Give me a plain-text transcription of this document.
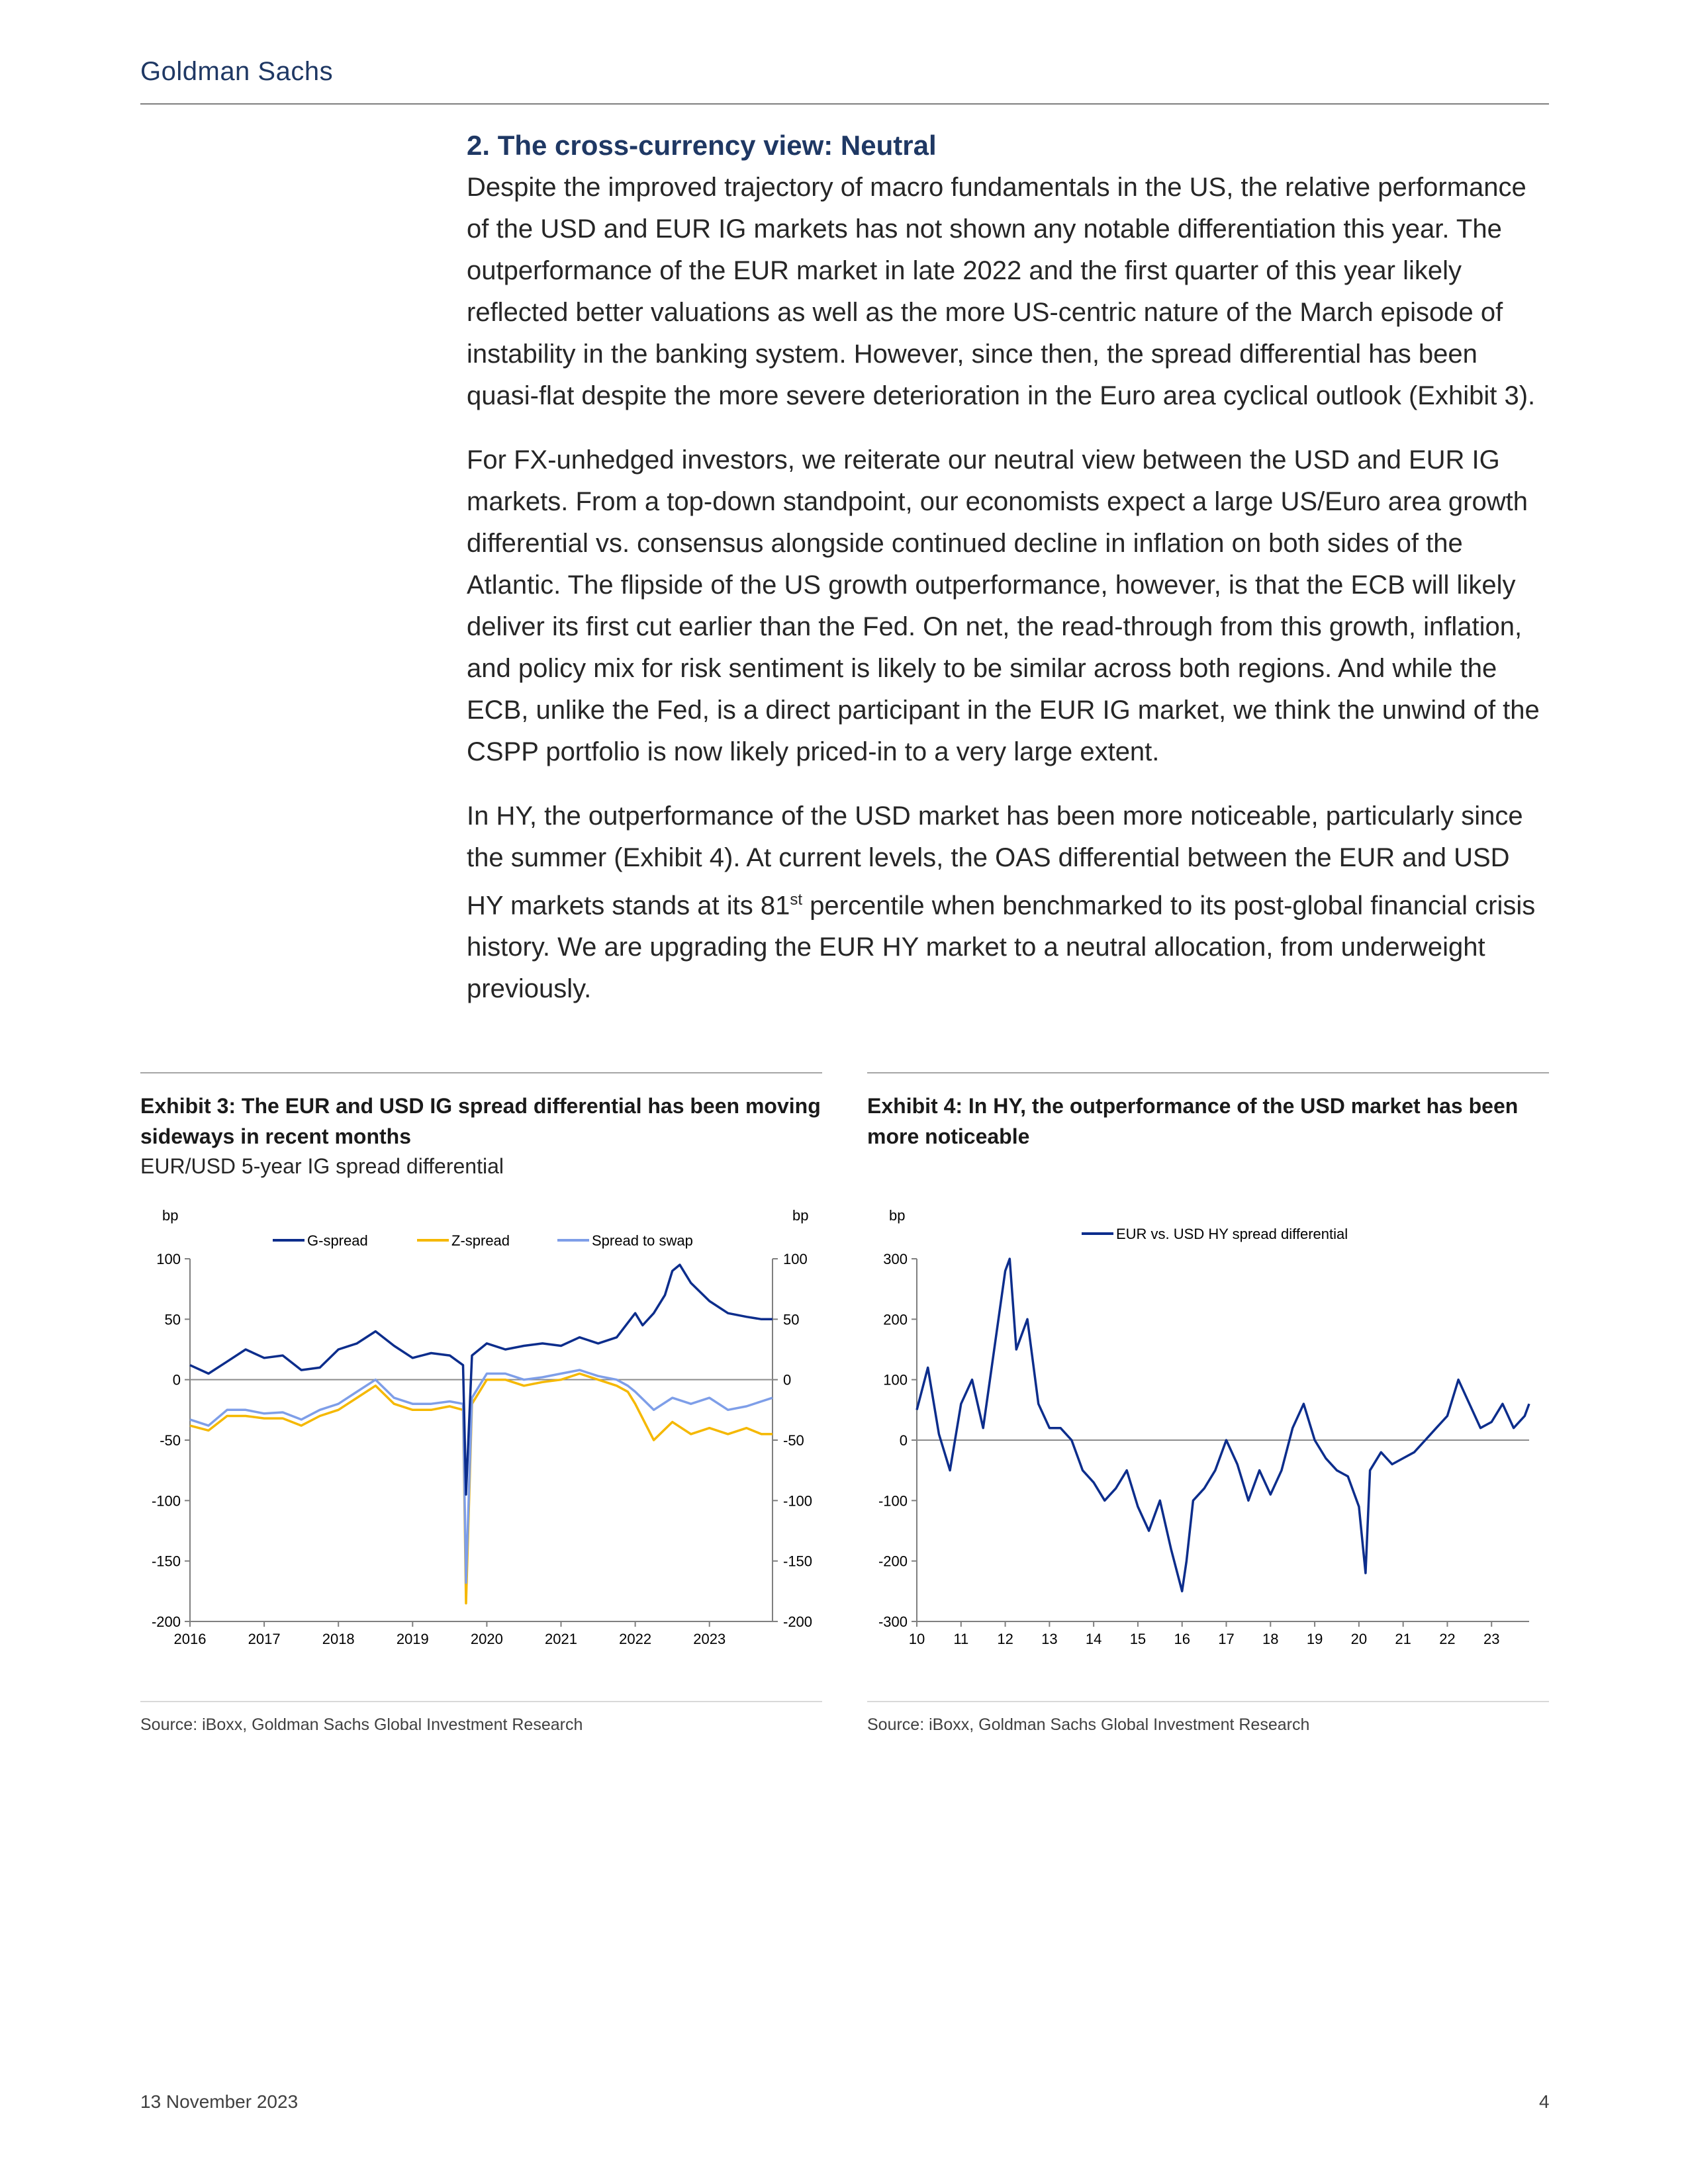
Goldman Sachs
2. The cross-currency view: Neutral

Despite the improved trajectory of macro fundamentals in the US, the relative performance of the USD and EUR IG markets has not shown any notable differentiation this year. The outperformance of the EUR market in late 2022 and the first quarter of this year likely reflected better valuations as well as the more US-centric nature of the March episode of instability in the banking system. However, since then, the spread differential has been quasi-flat despite the more severe deterioration in the Euro area cyclical outlook (Exhibit 3).

For FX-unhedged investors, we reiterate our neutral view between the USD and EUR IG markets. From a top-down standpoint, our economists expect a large US/Euro area growth differential vs. consensus alongside continued decline in inflation on both sides of the Atlantic. The flipside of the US growth outperformance, however, is that the ECB will likely deliver its first cut earlier than the Fed. On net, the read-through from this growth, inflation, and policy mix for risk sentiment is likely to be similar across both regions. And while the ECB, unlike the Fed, is a direct participant in the EUR IG market, we think the unwind of the CSPP portfolio is now likely priced-in to a very large extent.

In HY, the outperformance of the USD market has been more noticeable, particularly since the summer (Exhibit 4). At current levels, the OAS differential between the EUR and USD HY markets stands at its 81st percentile when benchmarked to its post-global financial crisis history. We are upgrading the EUR HY market to a neutral allocation, from underweight previously.

Exhibit 3: The EUR and USD IG spread differential has been moving sideways in recent months
EUR/USD 5-year IG spread differential
bp	bp
100
50
0
-50
-100
-150
-200
100
50
0
-50
-100
-150
-200
2016	2017	2018	2019	2020	2021	2022	2023
G-spread	Z-spread	Spread to swap
Source: iBoxx, Goldman Sachs Global Investment Research
Exhibit 4: In HY, the outperformance of the USD market has been more noticeable
bp
300
200
100
0
-100
-200
-300
10 11 12 13 14 15 16 17 18 19 20 21 22 23
EUR vs. USD HY spread differential
Source: iBoxx, Goldman Sachs Global Investment Research
13 November 2023	4
